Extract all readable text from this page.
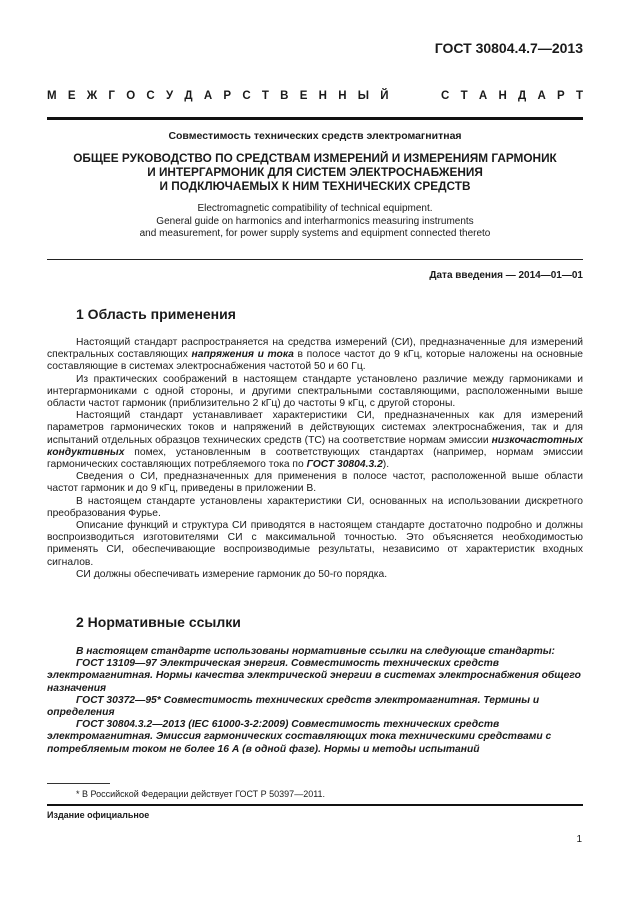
ГОСТ 30804.4.7—2013
М Е Ж Г О С У Д А Р С Т В Е Н Н Ы Й	С Т А Н Д А Р Т
Совместимость технических средств электромагнитная
ОБЩЕЕ РУКОВОДСТВО ПО СРЕДСТВАМ ИЗМЕРЕНИЙ И ИЗМЕРЕНИЯМ ГАРМОНИК
И ИНТЕРГАРМОНИК ДЛЯ СИСТЕМ ЭЛЕКТРОСНАБЖЕНИЯ
И ПОДКЛЮЧАЕМЫХ К НИМ ТЕХНИЧЕСКИХ СРЕДСТВ
Electromagnetic compatibility of technical equipment.
General guide on harmonics and interharmonics measuring instruments
and measurement, for power supply systems and equipment connected thereto
Дата введения — 2014—01—01
1 Область применения

Настоящий стандарт распространяется на средства измерений (СИ), предназначенные для измерений спектральных составляющих напряжения и тока в полосе частот до 9 кГц, которые наложены на основные составляющие в системах электроснабжения частотой 50 и 60 Гц.

Из практических соображений в настоящем стандарте установлено различие между гармониками и интергармониками с одной стороны, и другими спектральными составляющими, расположенными выше области частот гармоник (приблизительно 2 кГц) до частоты 9 кГц, с другой стороны.

Настоящий стандарт устанавливает характеристики СИ, предназначенных как для измерений параметров гармонических токов и напряжений в действующих системах электроснабжения, так и для испытаний отдельных образцов технических средств (ТС) на соответствие нормам эмиссии низкочастотных кондуктивных помех, установленным в соответствующих стандартах (например, нормам эмиссии гармонических составляющих потребляемого тока по ГОСТ 30804.3.2).

Сведения о СИ, предназначенных для применения в полосе частот, расположенной выше области частот гармоник и до 9 кГц, приведены в приложении В.

В настоящем стандарте установлены характеристики СИ, основанных на использовании дискретного преобразования Фурье.

Описание функций и структура СИ приводятся в настоящем стандарте достаточно подробно и должны воспроизводиться изготовителями СИ с максимальной точностью. Это объясняется необходимостью применять СИ, обеспечивающие воспроизводимые результаты, независимо от характеристик входных сигналов.

СИ должны обеспечивать измерение гармоник до 50-го порядка.

2 Нормативные ссылки

В настоящем стандарте использованы нормативные ссылки на следующие стандарты:

ГОСТ 13109—97 Электрическая энергия. Совместимость технических средств электромагнитная. Нормы качества электрической энергии в системах электроснабжения общего назначения

ГОСТ 30372—95* Совместимость технических средств электромагнитная. Термины и определения

ГОСТ 30804.3.2—2013 (IEC 61000-3-2:2009) Совместимость технических средств электромагнитная. Эмиссия гармонических составляющих тока техническими средствами с потребляемым током не более 16 А (в одной фазе). Нормы и методы испытаний

* В Российской Федерации действует ГОСТ Р 50397—2011.
Издание официальное
1
